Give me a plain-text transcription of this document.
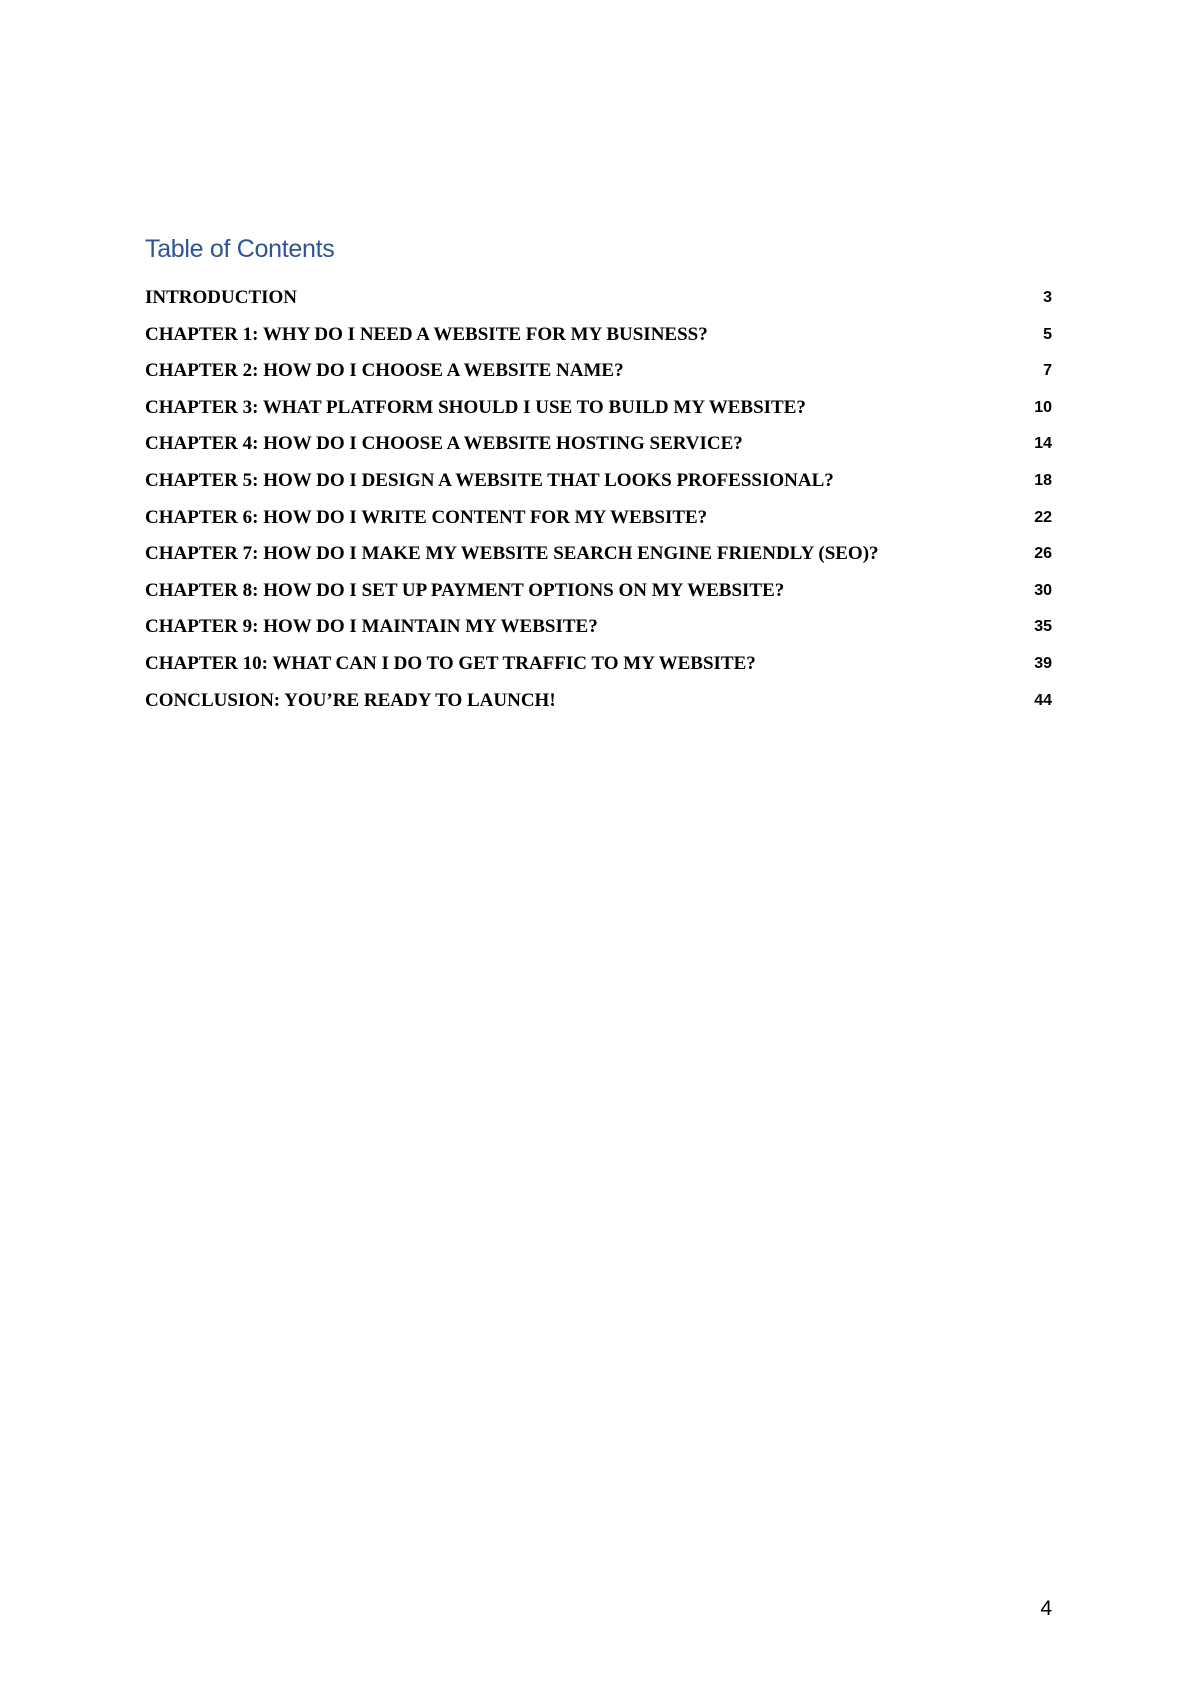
Table of Contents
INTRODUCTION	3
CHAPTER 1: WHY DO I NEED A WEBSITE FOR MY BUSINESS?	5
CHAPTER 2: HOW DO I CHOOSE A WEBSITE NAME?	7
CHAPTER 3: WHAT PLATFORM SHOULD I USE TO BUILD MY WEBSITE?	10
CHAPTER 4: HOW DO I CHOOSE A WEBSITE HOSTING SERVICE?	14
CHAPTER 5: HOW DO I DESIGN A WEBSITE THAT LOOKS PROFESSIONAL?	18
CHAPTER 6: HOW DO I WRITE CONTENT FOR MY WEBSITE?	22
CHAPTER 7: HOW DO I MAKE MY WEBSITE SEARCH ENGINE FRIENDLY (SEO)?	26
CHAPTER 8: HOW DO I SET UP PAYMENT OPTIONS ON MY WEBSITE?	30
CHAPTER 9: HOW DO I MAINTAIN MY WEBSITE?	35
CHAPTER 10: WHAT CAN I DO TO GET TRAFFIC TO MY WEBSITE?	39
CONCLUSION: YOU’RE READY TO LAUNCH!	44
4
